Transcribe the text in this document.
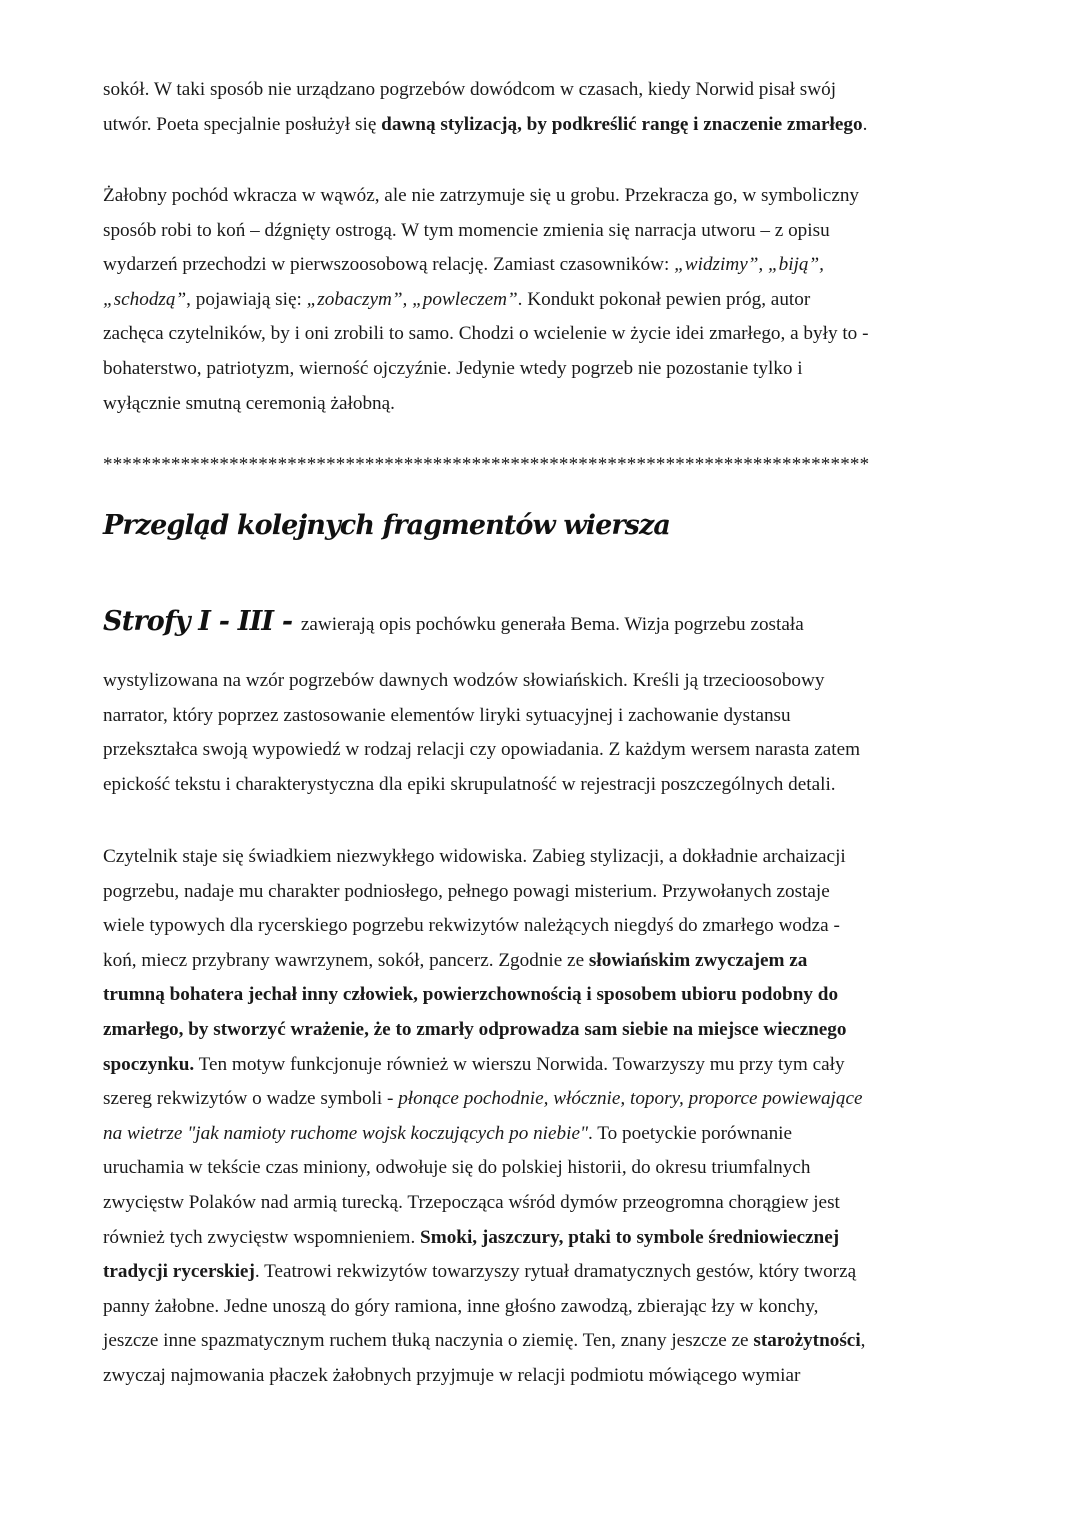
sokół. W taki sposób nie urządzano pogrzebów dowódcom w czasach, kiedy Norwid pisał swój
utwór. Poeta specjalnie posłużył się dawną stylizacją, by podkreślić rangę i znaczenie zmarłego.
Żałobny pochód wkracza w wąwóz, ale nie zatrzymuje się u grobu. Przekracza go, w symboliczny
sposób robi to koń – dźgnięty ostrogą. W tym momencie zmienia się narracja utworu – z opisu
wydarzeń przechodzi w pierwszoosobową relację. Zamiast czasowników: „widzimy”, „biją”,
„schodzą”, pojawiają się: „zobaczym”, „powleczem”. Kondukt pokonał pewien próg, autor
zachęca czytelników, by i oni zrobili to samo. Chodzi o wcielenie w życie idei zmarłego, a były to -
bohaterstwo, patriotyzm, wierność ojczyźnie. Jedynie wtedy pogrzeb nie pozostanie tylko i
wyłącznie smutną ceremonią żałobną.
*******************************************************************************
Przegląd kolejnych fragmentów wiersza
Strofy I - III - zawierają opis pochówku generała Bema. Wizja pogrzebu została
wystylizowana na wzór pogrzebów dawnych wodzów słowiańskich. Kreśli ją trzecioosobowy
narrator, który poprzez zastosowanie elementów liryki sytuacyjnej i zachowanie dystansu
przekształca swoją wypowiedź w rodzaj relacji czy opowiadania. Z każdym wersem narasta zatem
epickość tekstu i charakterystyczna dla epiki skrupulatność w rejestracji poszczególnych detali.
Czytelnik staje się świadkiem niezwykłego widowiska. Zabieg stylizacji, a dokładnie archaizacji
pogrzebu, nadaje mu charakter podniosłego, pełnego powagi misterium. Przywołanych zostaje
wiele typowych dla rycerskiego pogrzebu rekwizytów należących niegdyś do zmarłego wodza -
koń, miecz przybrany wawrzynem, sokół, pancerz. Zgodnie ze słowiańskim zwyczajem za
trumną bohatera jechał inny człowiek, powierzchownością i sposobem ubioru podobny do
zmarłego, by stworzyć wrażenie, że to zmarły odprowadza sam siebie na miejsce wiecznego
spoczynku. Ten motyw funkcjonuje również w wierszu Norwida. Towarzyszy mu przy tym cały
szereg rekwizytów o wadze symboli - płonące pochodnie, włócznie, topory, proporce powiewające
na wietrze "jak namioty ruchome wojsk koczujących po niebie". To poetyckie porównanie
uruchamia w tekście czas miniony, odwołuje się do polskiej historii, do okresu triumfalnych
zwycięstw Polaków nad armią turecką. Trzepocząca wśród dymów przeogromna chorągiew jest
również tych zwycięstw wspomnieniem. Smoki, jaszczury, ptaki to symbole średniowiecznej
tradycji rycerskiej. Teatrowi rekwizytów towarzyszy rytuał dramatycznych gestów, który tworzą
panny żałobne. Jedne unoszą do góry ramiona, inne głośno zawodzą, zbierając łzy w konchy,
jeszcze inne spazmatycznym ruchem tłuką naczynia o ziemię. Ten, znany jeszcze ze starożytności,
zwyczaj najmowania płaczek żałobnych przyjmuje w relacji podmiotu mówiącego wymiar
